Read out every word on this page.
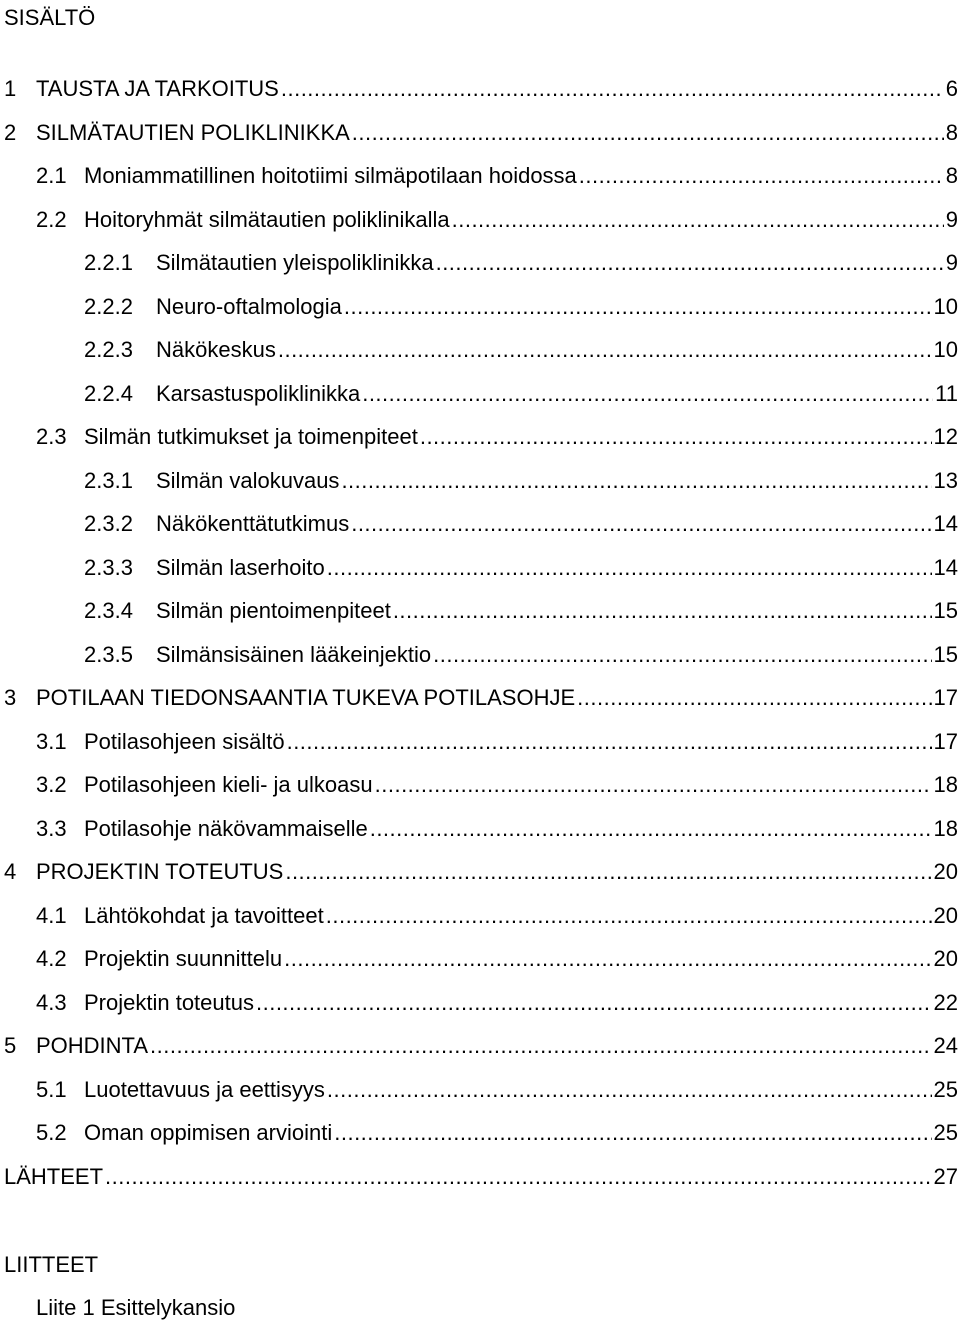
SISÄLTÖ
1 TAUSTA JA TARKOITUS .....	6
2 SILMÄTAUTIEN POLIKLINIKKA .....	8
2.1 Moniammatillinen hoitotiimi silmäpotilaan hoidossa .....	8
2.2 Hoitoryhmät silmätautien poliklinikalla .....	9
2.2.1	Silmätautien yleispoliklinikka .....	9
2.2.2	Neuro-oftalmologia .....	10
2.2.3	Näkökeskus .....	10
2.2.4	Karsastuspoliklinikka .....	11
2.3 Silmän tutkimukset ja toimenpiteet .....	12
2.3.1	Silmän valokuvaus .....	13
2.3.2	Näkökenttätutkimus .....	14
2.3.3	Silmän laserhoito .....	14
2.3.4	Silmän pientoimenpiteet .....	15
2.3.5	Silmänsisäinen lääkeinjektio .....	15
3 POTILAAN TIEDONSAANTIA TUKEVA POTILASOHJE .....	17
3.1 Potilasohjeen sisältö .....	17
3.2 Potilasohjeen kieli- ja ulkoasu .....	18
3.3 Potilasohje näkövammaiselle .....	18
4 PROJEKTIN TOTEUTUS .....	20
4.1 Lähtökohdat ja tavoitteet .....	20
4.2 Projektin suunnittelu .....	20
4.3 Projektin toteutus .....	22
5 POHDINTA .....	24
5.1 Luotettavuus ja eettisyys .....	25
5.2 Oman oppimisen arviointi .....	25
LÄHTEET .....	27
LIITTEET
Liite 1 Esittelykansio
